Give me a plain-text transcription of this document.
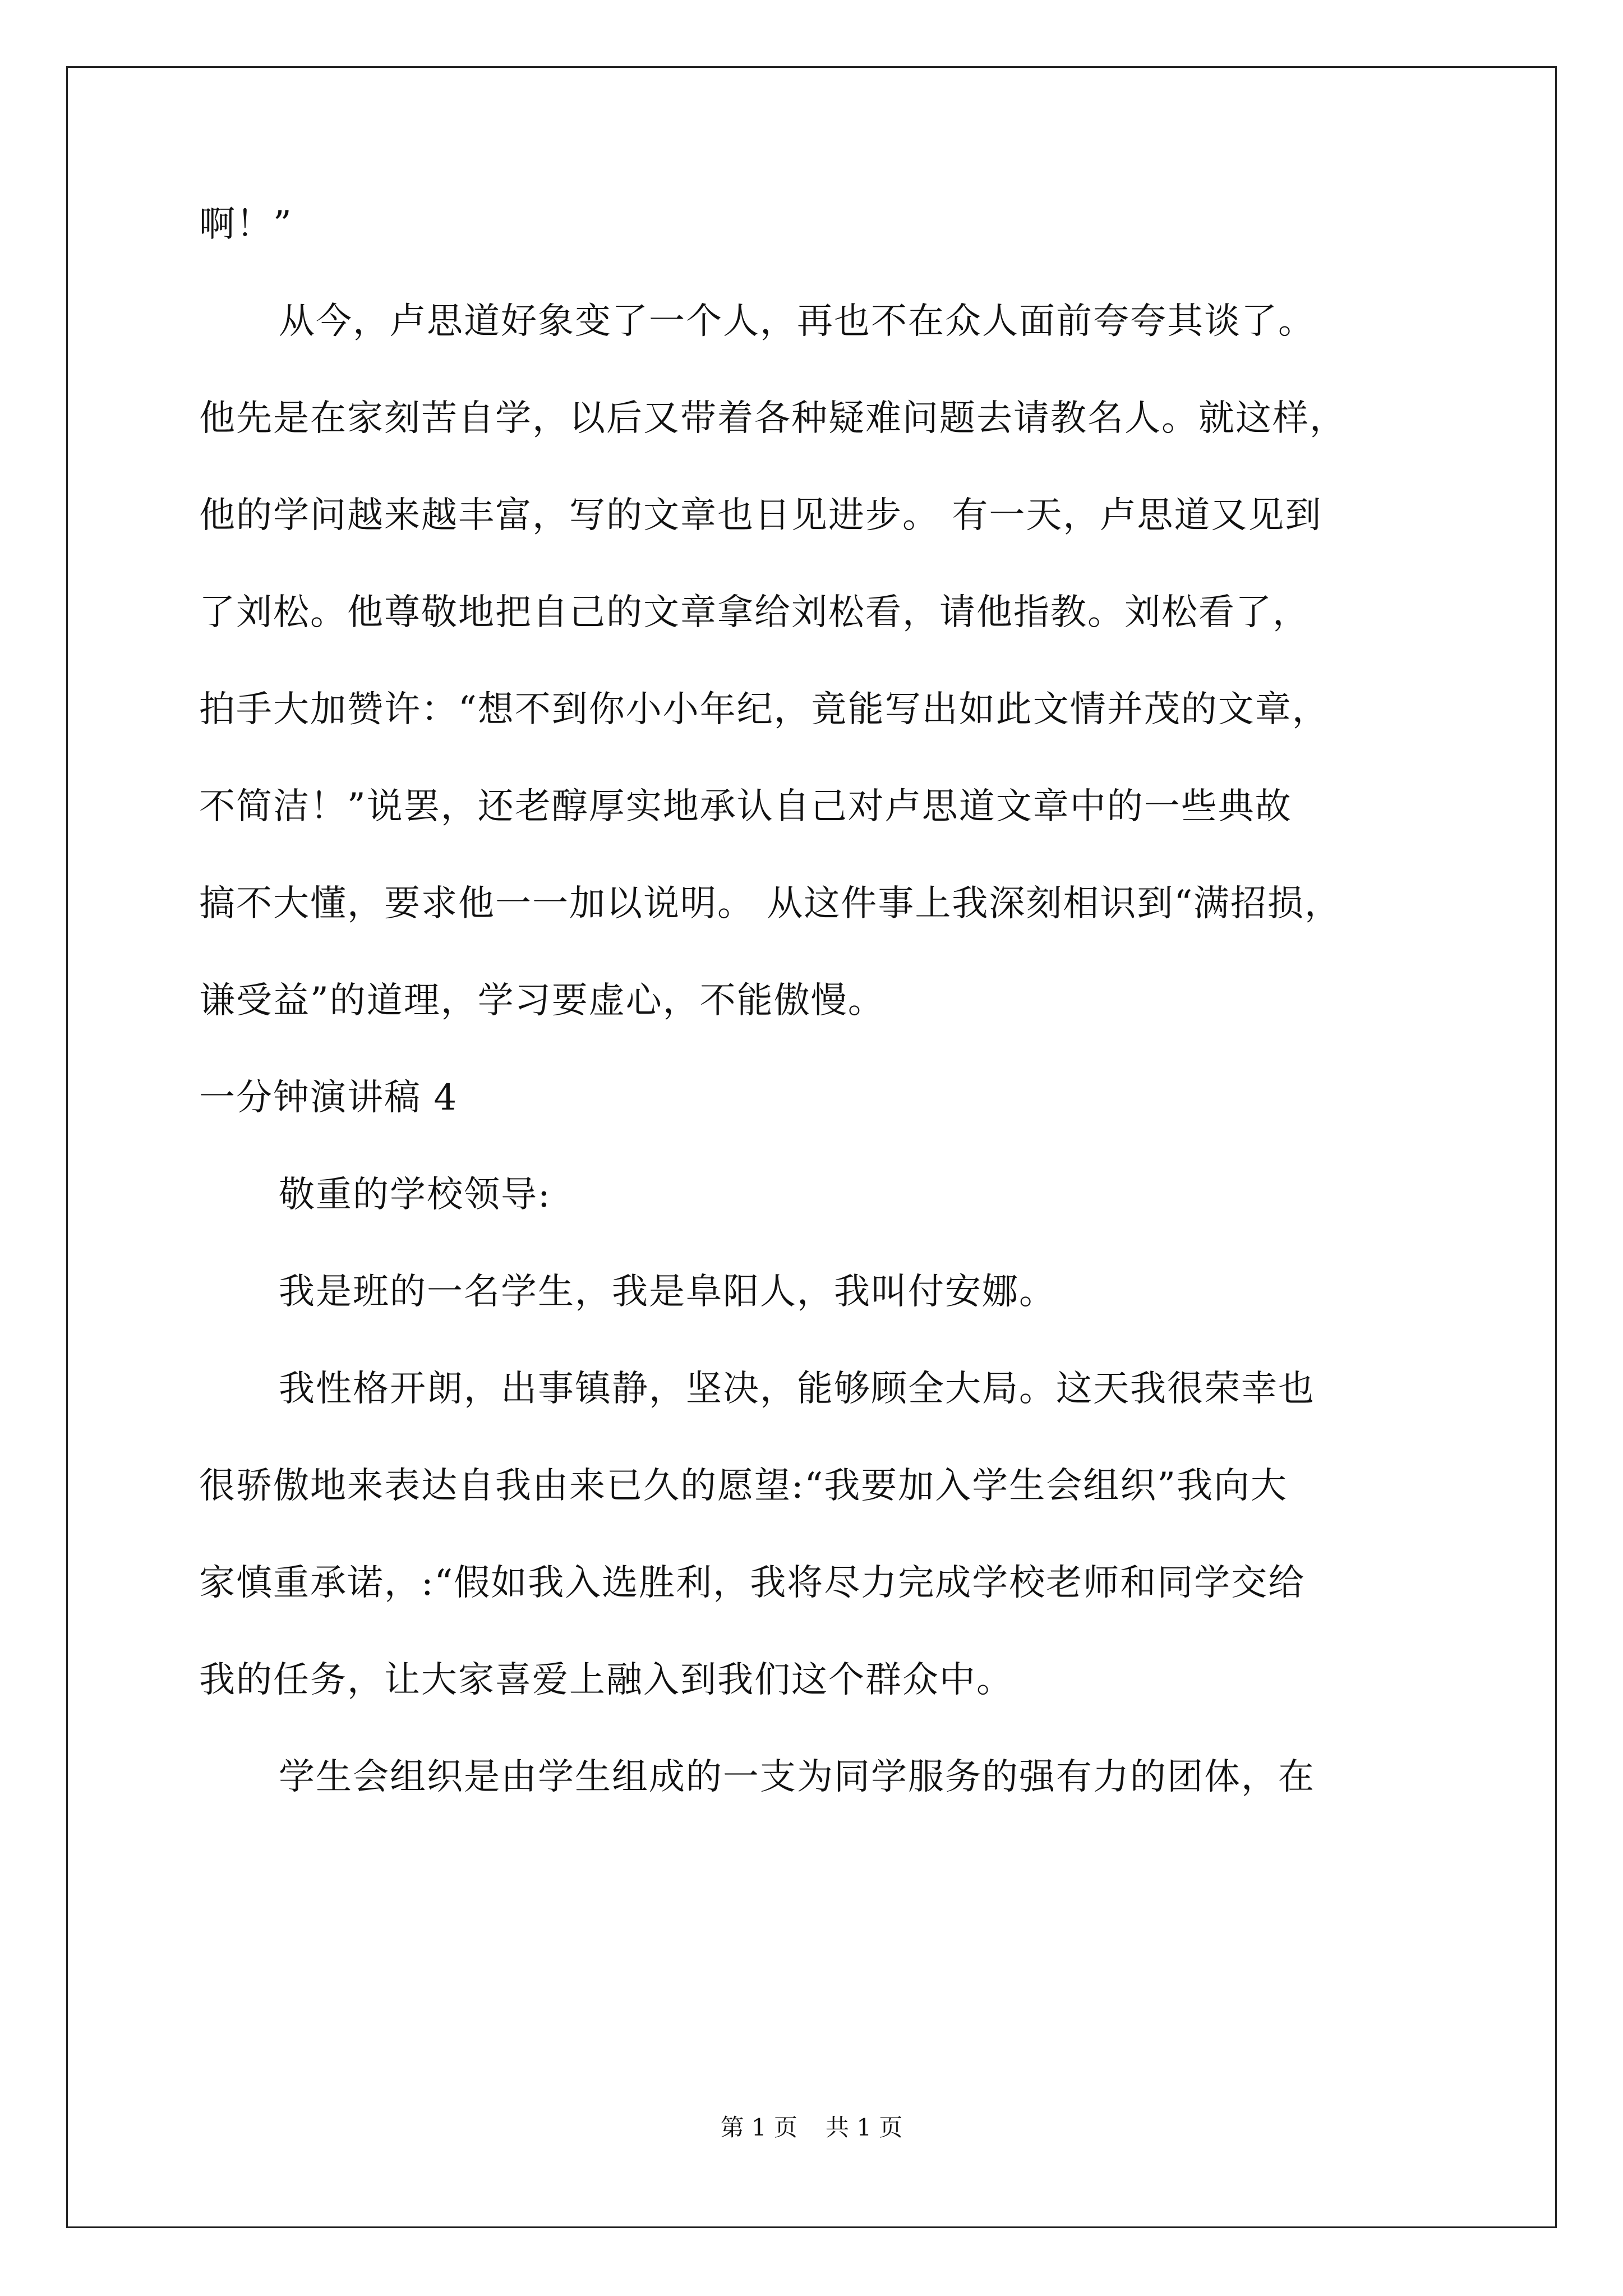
啊！”
从今，卢思道好象变了一个人，再也不在众人面前夸夸其谈了。
他先是在家刻苦自学，以后又带着各种疑难问题去请教名人。就这样，
他的学问越来越丰富，写的文章也日见进步。 有一天，卢思道又见到
了刘松。他尊敬地把自己的文章拿给刘松看，请他指教。刘松看了，
拍手大加赞许：“想不到你小小年纪，竟能写出如此文情并茂的文章，
不简洁！”说罢，还老醇厚实地承认自己对卢思道文章中的一些典故
搞不大懂，要求他一一加以说明。 从这件事上我深刻相识到“满招损，
谦受益”的道理，学习要虚心，不能傲慢。
一分钟演讲稿 4
敬重的学校领导:
我是班的一名学生，我是阜阳人，我叫付安娜。
我性格开朗，出事镇静，坚决，能够顾全大局。这天我很荣幸也
很骄傲地来表达自我由来已久的愿望:“我要加入学生会组织”我向大
家慎重承诺，:“假如我入选胜利，我将尽力完成学校老师和同学交给
我的任务，让大家喜爱上融入到我们这个群众中。
学生会组织是由学生组成的一支为同学服务的强有力的团体，在
第 1 页 共 1 页
